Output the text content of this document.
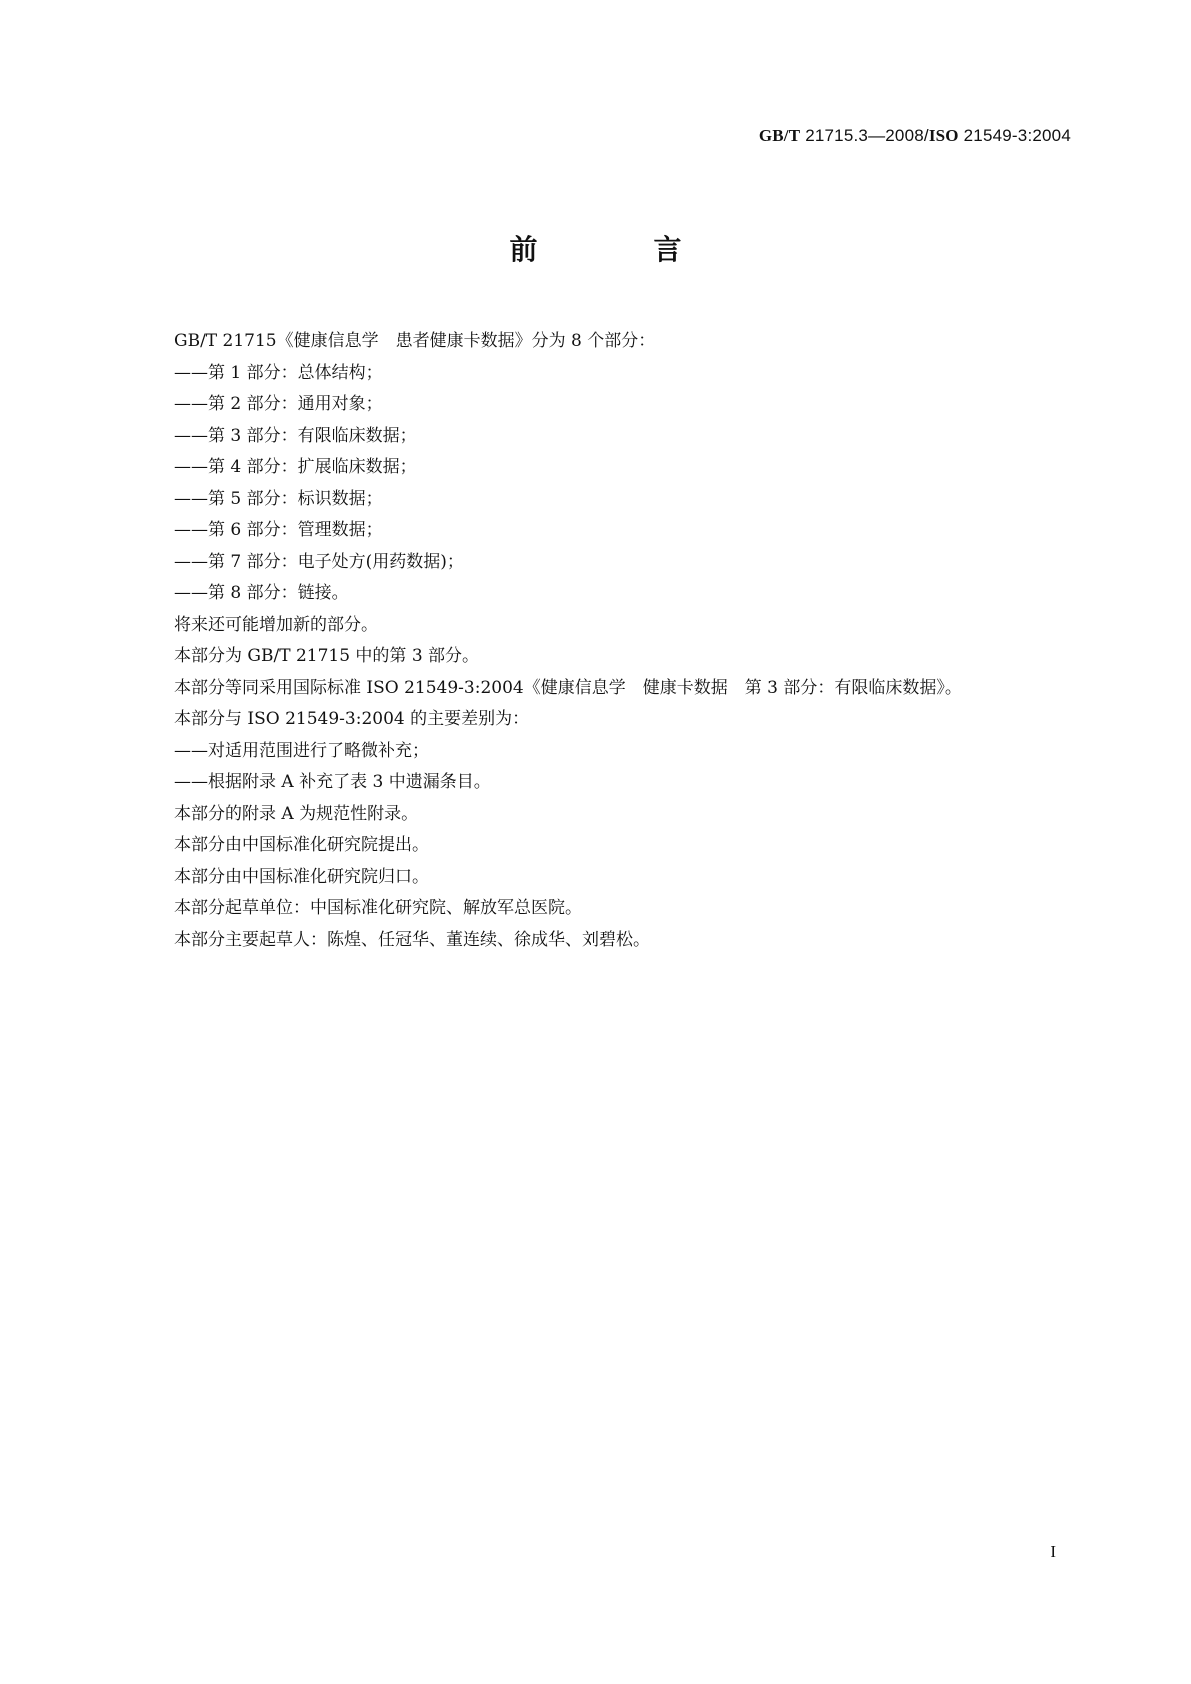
GB/T 21715.3—2008/ISO 21549-3:2004
前　言

GB/T 21715《健康信息学　患者健康卡数据》分为 8 个部分：

——第 1 部分：总体结构；

——第 2 部分：通用对象；

——第 3 部分：有限临床数据；

——第 4 部分：扩展临床数据；

——第 5 部分：标识数据；

——第 6 部分：管理数据；

——第 7 部分：电子处方(用药数据)；

——第 8 部分：链接。

将来还可能增加新的部分。

本部分为 GB/T 21715 中的第 3 部分。

本部分等同采用国际标准 ISO 21549-3:2004《健康信息学　健康卡数据　第 3 部分：有限临床数据》。

本部分与 ISO 21549-3:2004 的主要差别为：

——对适用范围进行了略微补充；

——根据附录 A 补充了表 3 中遗漏条目。

本部分的附录 A 为规范性附录。

本部分由中国标准化研究院提出。

本部分由中国标准化研究院归口。

本部分起草单位：中国标准化研究院、解放军总医院。

本部分主要起草人：陈煌、任冠华、董连续、徐成华、刘碧松。

I
